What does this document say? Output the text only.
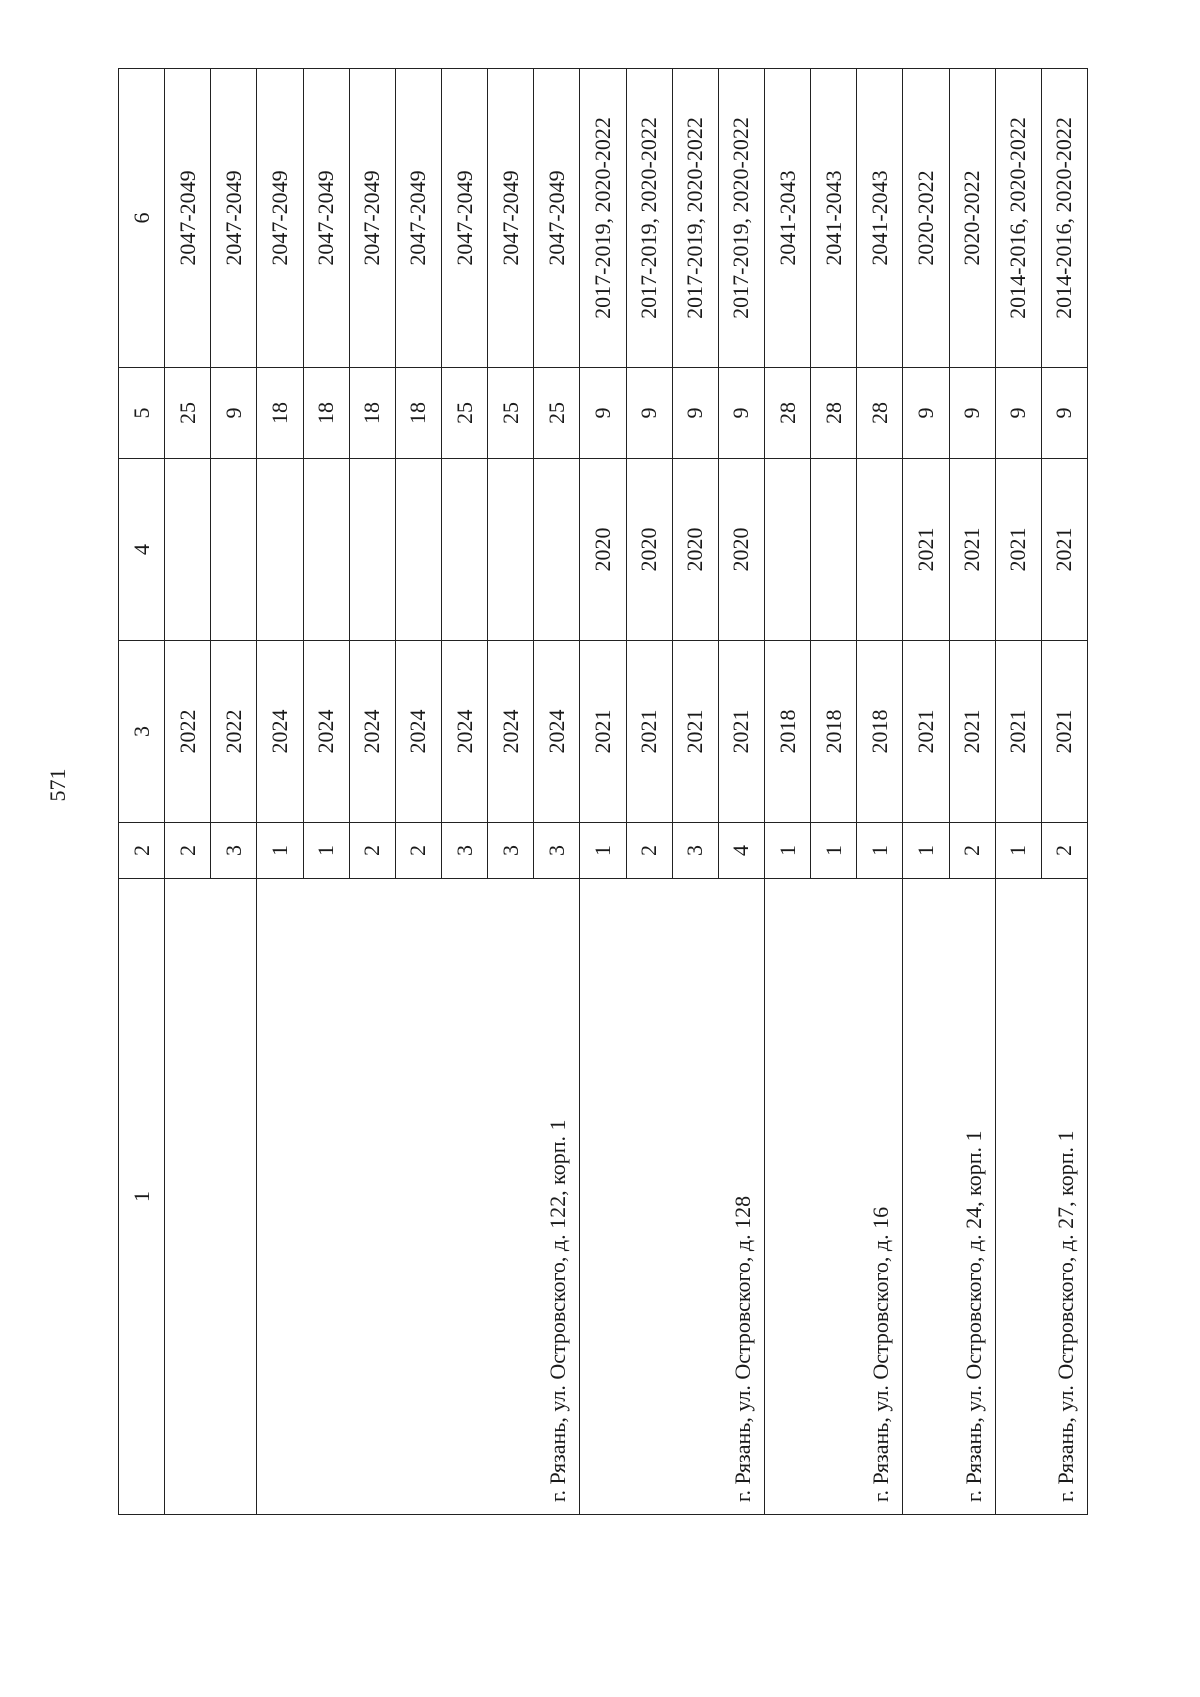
571
1	2	3	4	5	6
	2	2022		25	2047-2049
	3	2022		9	2047-2049
г. Рязань, ул. Островского, д. 122, корп. 1	1	2024		18	2047-2049
	1	2024		18	2047-2049
	2	2024		18	2047-2049
	2	2024		18	2047-2049
	3	2024		25	2047-2049
	3	2024		25	2047-2049
	3	2024		25	2047-2049
г. Рязань, ул. Островского, д. 128	1	2021	2020	9	2017-2019, 2020-2022
	2	2021	2020	9	2017-2019, 2020-2022
	3	2021	2020	9	2017-2019, 2020-2022
	4	2021	2020	9	2017-2019, 2020-2022
г. Рязань, ул. Островского, д. 16	1	2018		28	2041-2043
	1	2018		28	2041-2043
	1	2018		28	2041-2043
г. Рязань, ул. Островского, д. 24, корп. 1	1	2021	2021	9	2020-2022
	2	2021	2021	9	2020-2022
г. Рязань, ул. Островского, д. 27, корп. 1	1	2021	2021	9	2014-2016, 2020-2022
	2	2021	2021	9	2014-2016, 2020-2022
